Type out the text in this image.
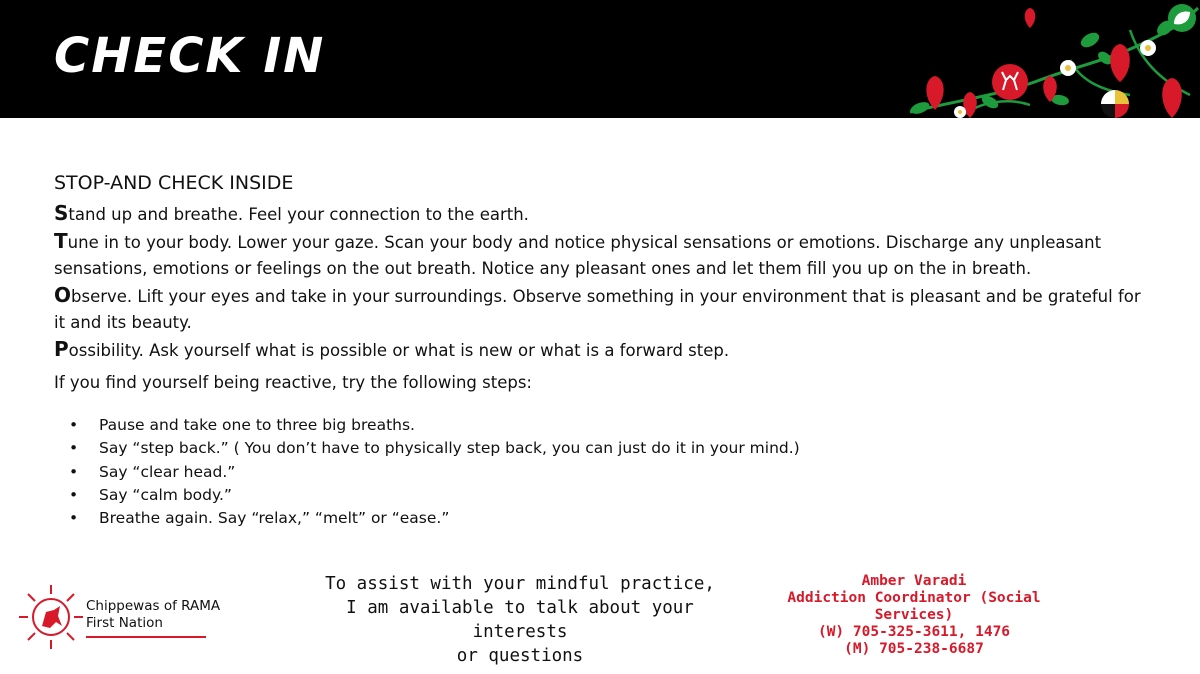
CHECK IN
STOP-AND CHECK INSIDE
Stand up and breathe. Feel your connection to the earth.
Tune in to your body. Lower your gaze. Scan your body and notice physical sensations or emotions. Discharge any unpleasant sensations, emotions or feelings on the out breath. Notice any pleasant ones and let them fill you up on the in breath.
Observe. Lift your eyes and take in your surroundings. Observe something in your environment that is pleasant and be grateful for it and its beauty.
Possibility. Ask yourself what is possible or what is new or what is a forward step.
If you find yourself being reactive, try the following steps:
• Pause and take one to three big breaths.
• Say “step back.” ( You don’t have to physically step back, you can just do it in your mind.)
• Say “clear head.”
• Say “calm body.”
• Breathe again. Say “relax,” “melt” or “ease.”
Chippewas of RAMA
First Nation
To assist with your mindful practice,
I am available to talk about your interests
or questions
Amber Varadi
Addiction Coordinator (Social Services)
(W) 705-325-3611, 1476
(M) 705-238-6687
